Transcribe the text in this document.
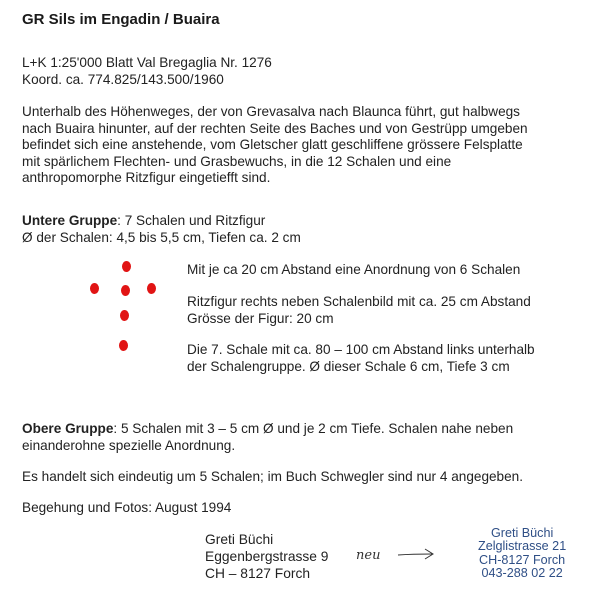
GR Sils im Engadin / Buaira
L+K 1:25'000 Blatt Val Bregaglia Nr. 1276
Koord. ca. 774.825/143.500/1960
Unterhalb des Höhenweges, der von Grevasalva nach Blaunca führt, gut halbwegs
nach Buaira hinunter, auf der rechten Seite des Baches und von Gestrüpp umgeben
befindet sich eine anstehende, vom Gletscher glatt geschliffene grössere Felsplatte
mit spärlichem Flechten- und Grasbewuchs, in die 12 Schalen und eine
anthropomorphe Ritzfigur eingetiefft sind.
Untere Gruppe: 7 Schalen und Ritzfigur
Ø der Schalen: 4,5 bis 5,5 cm, Tiefen ca. 2 cm
Mit je ca 20 cm Abstand eine Anordnung von 6 Schalen
Ritzfigur rechts neben Schalenbild mit ca. 25 cm Abstand
Grösse der Figur: 20 cm
Die 7. Schale mit ca. 80 – 100 cm Abstand links unterhalb
der Schalengruppe. Ø dieser Schale 6 cm, Tiefe 3 cm
Obere Gruppe: 5 Schalen mit 3 – 5 cm Ø und je 2 cm Tiefe. Schalen nahe neben
einanderohne spezielle Anordnung.
Es handelt sich eindeutig um 5 Schalen; im Buch Schwegler sind nur 4 angegeben.
Begehung und Fotos: August 1994
Greti Büchi
Eggenbergstrasse 9
CH – 8127 Forch
neu
Greti Büchi
Zelglistrasse 21
CH-8127 Forch
043-288 02 22
